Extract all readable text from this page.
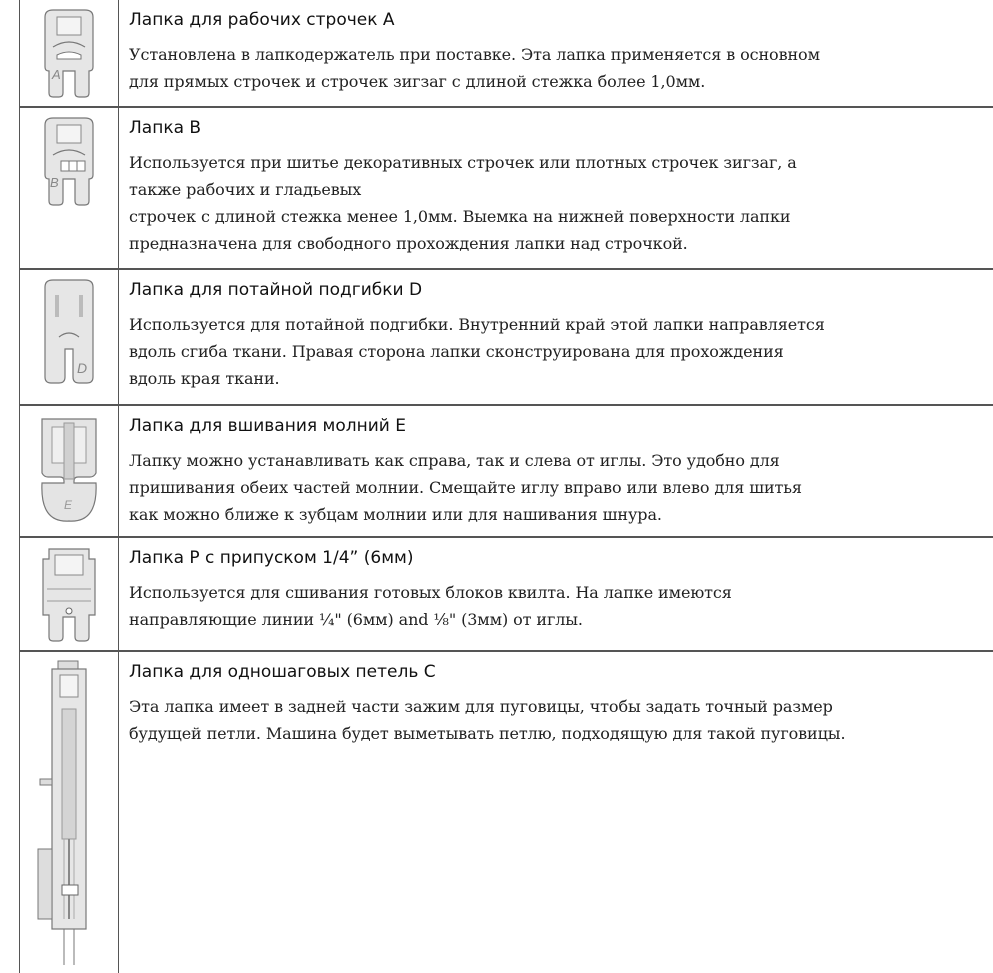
A
Лапка для рабочих строчек A

Установлена в лапкодержатель при поставке. Эта лапка применяется в основном
для прямых строчек и строчек зигзаг с длиной стежка более 1,0мм.

B
Лапка B

Используется при шитье декоративных строчек или плотных строчек зигзаг, а
также рабочих и гладьевых
строчек с длиной стежка менее 1,0мм. Выемка на нижней поверхности лапки
предназначена для свободного прохождения лапки над строчкой.

D
Лапка для потайной подгибки D

Используется для потайной подгибки. Внутренний край этой лапки направляется
вдоль сгиба ткани. Правая сторона лапки сконструирована для прохождения
вдоль края ткани.

E
Лапка для вшивания молний E

Лапку можно устанавливать как справа, так и слева от иглы. Это удобно для
пришивания обеих частей молнии. Смещайте иглу вправо или влево для шитья
как можно ближе к зубцам молнии или для нашивания шнура.

Лапка P с припуском 1/4” (6мм)

Используется для сшивания готовых блоков квилта. На лапке имеются
направляющие линии ¼" (6мм) and ⅛" (3мм) от иглы.

Лапка для одношаговых петель C

Эта лапка имеет в задней части зажим для пуговицы, чтобы задать точный размер
будущей петли. Машина будет выметывать петлю, подходящую для такой пуговицы.
